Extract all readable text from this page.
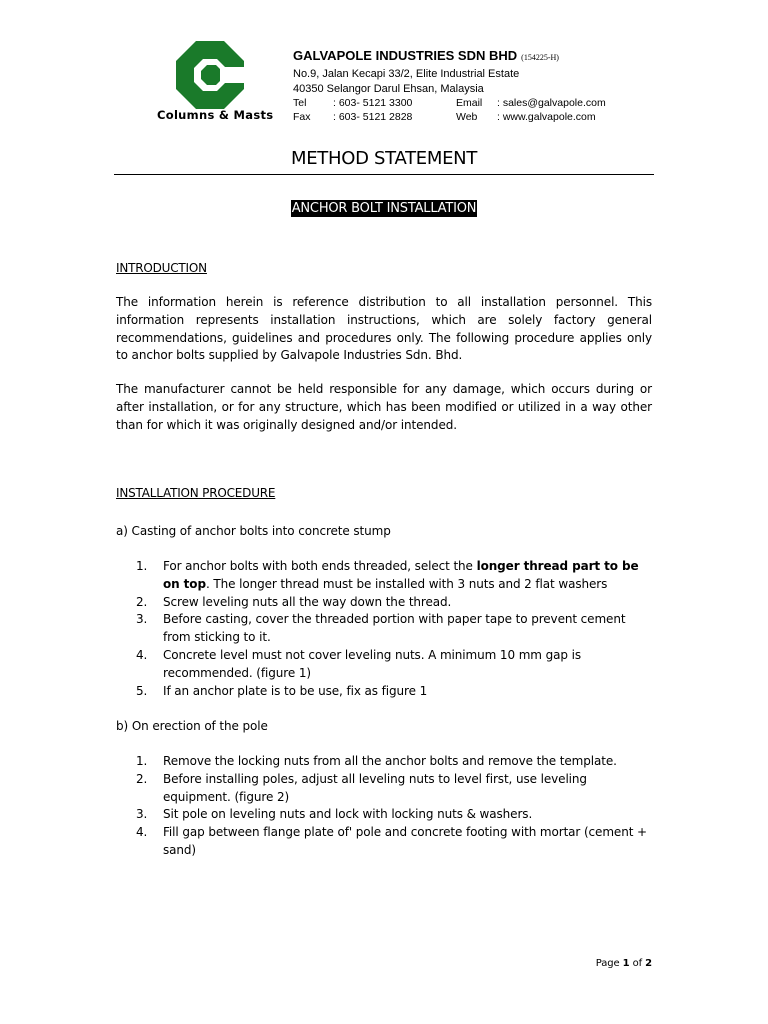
Columns & Masts
GALVAPOLE INDUSTRIES SDN BHD (154225-H)
No.9, Jalan Kecapi 33/2, Elite Industrial Estate
40350 Selangor Darul Ehsan, Malaysia
Tel	: 603- 5121 3300	Email : sales@galvapole.com
Fax : 603- 5121 2828	Web : www.galvapole.com
METHOD STATEMENT
ANCHOR BOLT INSTALLATION
INTRODUCTION
The information herein is reference distribution to all installation personnel. This information represents installation instructions, which are solely factory general recommendations, guidelines and procedures only. The following procedure applies only to anchor bolts supplied by Galvapole Industries Sdn. Bhd.
The manufacturer cannot be held responsible for any damage, which occurs during or after installation, or for any structure, which has been modified or utilized in a way other than for which it was originally designed and/or intended.
INSTALLATION PROCEDURE
a) Casting of anchor bolts into concrete stump
1. For anchor bolts with both ends threaded, select the longer thread part to be on top. The longer thread must be installed with 3 nuts and 2 flat washers
2. Screw leveling nuts all the way down the thread.
3. Before casting, cover the threaded portion with paper tape to prevent cement from sticking to it.
4. Concrete level must not cover leveling nuts. A minimum 10 mm gap is recommended. (figure 1)
5. If an anchor plate is to be use, fix as figure 1
b) On erection of the pole
1. Remove the locking nuts from all the anchor bolts and remove the template.
2. Before installing poles, adjust all leveling nuts to level first, use leveling equipment. (figure 2)
3. Sit pole on leveling nuts and lock with locking nuts & washers.
4. Fill gap between flange plate of' pole and concrete footing with mortar (cement + sand)
Page 1 of 2
